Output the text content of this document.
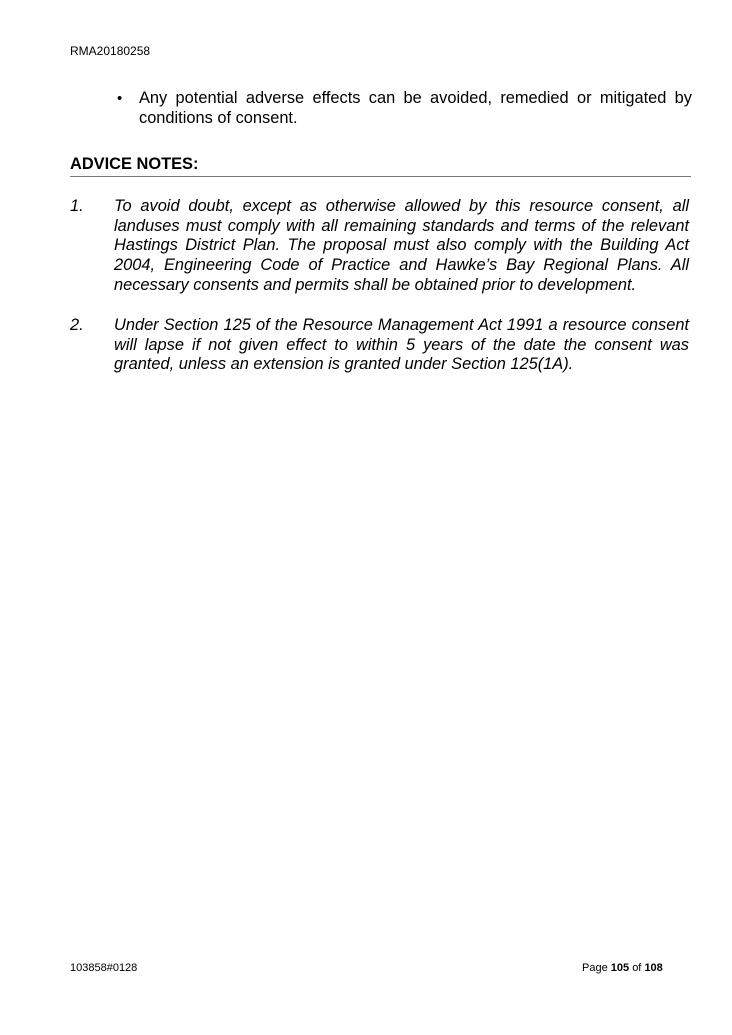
RMA20180258
• Any potential adverse effects can be avoided, remedied or mitigated by conditions of consent.
ADVICE NOTES:
1. To avoid doubt, except as otherwise allowed by this resource consent, all landuses must comply with all remaining standards and terms of the relevant Hastings District Plan. The proposal must also comply with the Building Act 2004, Engineering Code of Practice and Hawke’s Bay Regional Plans. All necessary consents and permits shall be obtained prior to development.
2. Under Section 125 of the Resource Management Act 1991 a resource consent will lapse if not given effect to within 5 years of the date the consent was granted, unless an extension is granted under Section 125(1A).
103858#0128	Page 105 of 108
